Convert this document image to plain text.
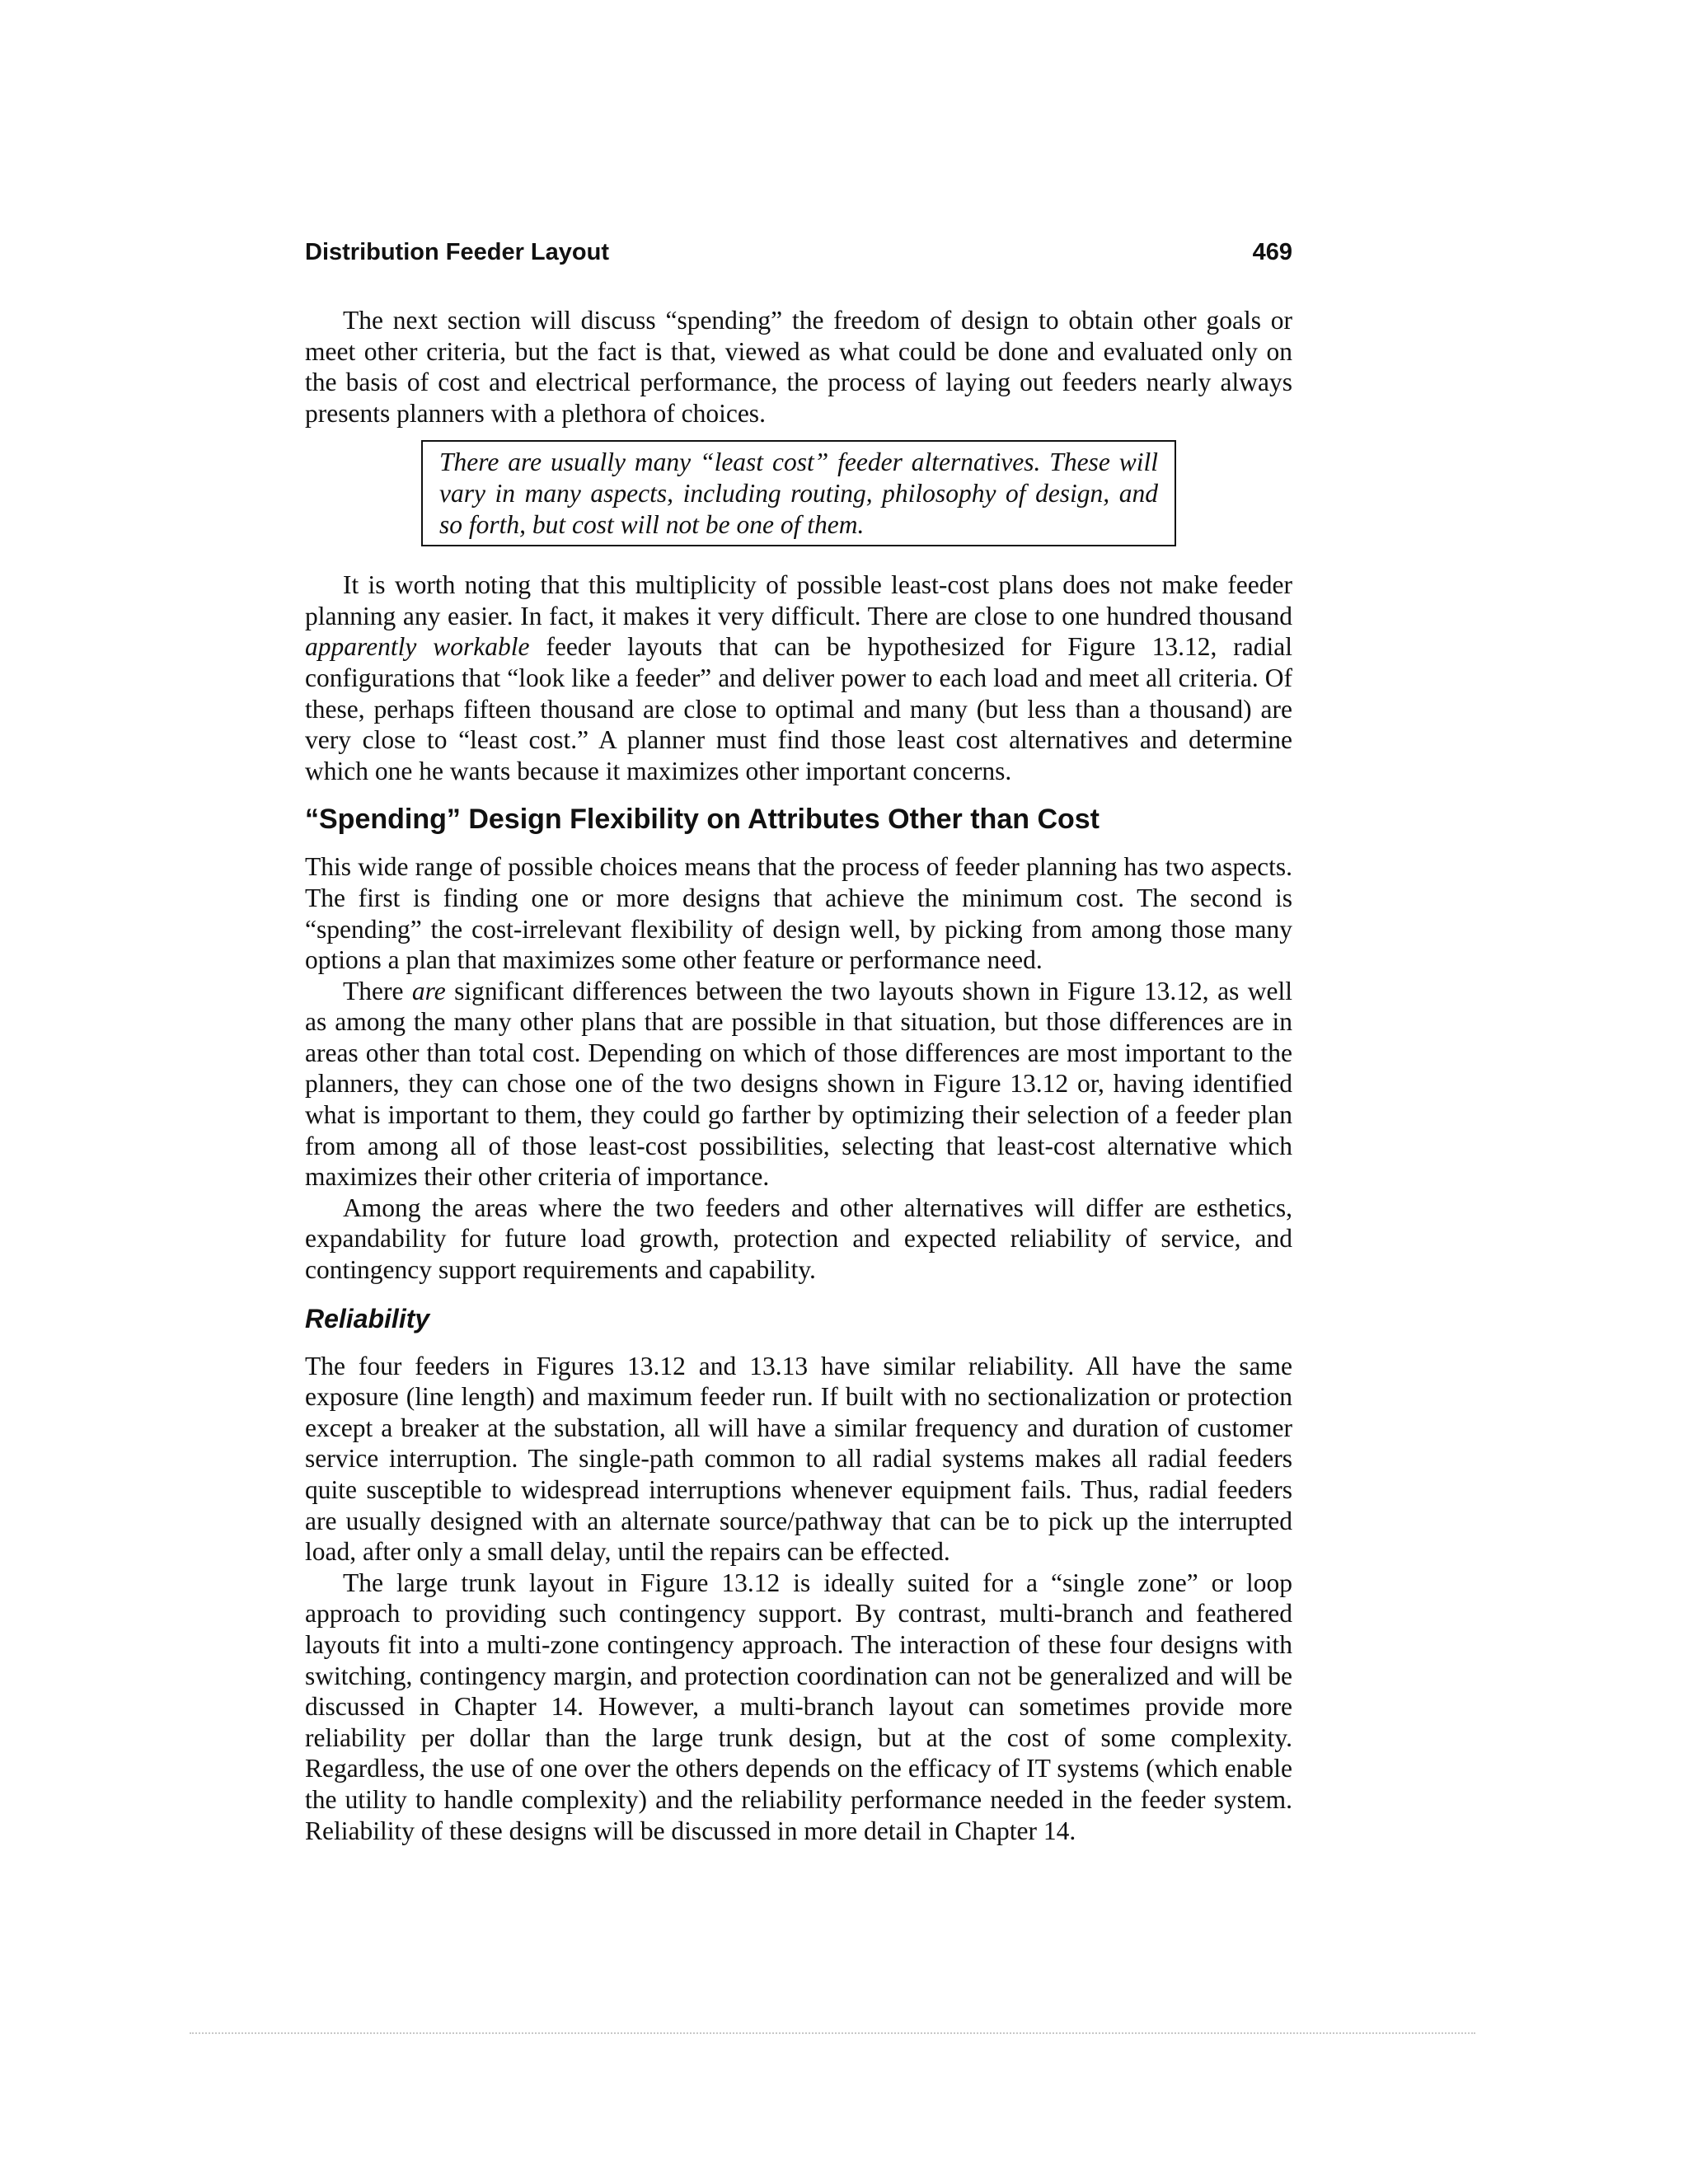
Distribution Feeder Layout	469

The next section will discuss “spending” the freedom of design to obtain other goals or meet other criteria, but the fact is that, viewed as what could be done and evaluated only on the basis of cost and electrical performance, the process of laying out feeders nearly always presents planners with a plethora of choices.

There are usually many “least cost” feeder alternatives. These will vary in many aspects, including routing, philosophy of design, and so forth, but cost will not be one of them.

It is worth noting that this multiplicity of possible least-cost plans does not make feeder planning any easier. In fact, it makes it very difficult. There are close to one hundred thousand apparently workable feeder layouts that can be hypothesized for Figure 13.12, radial configurations that “look like a feeder” and deliver power to each load and meet all criteria. Of these, perhaps fifteen thousand are close to optimal and many (but less than a thousand) are very close to “least cost.” A planner must find those least cost alternatives and determine which one he wants because it maximizes other important concerns.

“Spending” Design Flexibility on Attributes Other than Cost

This wide range of possible choices means that the process of feeder planning has two aspects. The first is finding one or more designs that achieve the minimum cost. The second is “spending” the cost-irrelevant flexibility of design well, by picking from among those many options a plan that maximizes some other feature or performance need.

There are significant differences between the two layouts shown in Figure 13.12, as well as among the many other plans that are possible in that situation, but those differences are in areas other than total cost. Depending on which of those differences are most important to the planners, they can chose one of the two designs shown in Figure 13.12 or, having identified what is important to them, they could go farther by optimizing their selection of a feeder plan from among all of those least-cost possibilities, selecting that least-cost alternative which maximizes their other criteria of importance.

Among the areas where the two feeders and other alternatives will differ are esthetics, expandability for future load growth, protection and expected reliability of service, and contingency support requirements and capability.

Reliability

The four feeders in Figures 13.12 and 13.13 have similar reliability. All have the same exposure (line length) and maximum feeder run. If built with no sectionalization or protection except a breaker at the substation, all will have a similar frequency and duration of customer service interruption. The single-path common to all radial systems makes all radial feeders quite susceptible to widespread interruptions whenever equipment fails. Thus, radial feeders are usually designed with an alternate source/pathway that can be to pick up the interrupted load, after only a small delay, until the repairs can be effected.

The large trunk layout in Figure 13.12 is ideally suited for a “single zone” or loop approach to providing such contingency support. By contrast, multi-branch and feathered layouts fit into a multi-zone contingency approach. The interaction of these four designs with switching, contingency margin, and protection coordination can not be generalized and will be discussed in Chapter 14. However, a multi-branch layout can sometimes provide more reliability per dollar than the large trunk design, but at the cost of some complexity. Regardless, the use of one over the others depends on the efficacy of IT systems (which enable the utility to handle complexity) and the reliability performance needed in the feeder system. Reliability of these designs will be discussed in more detail in Chapter 14.
